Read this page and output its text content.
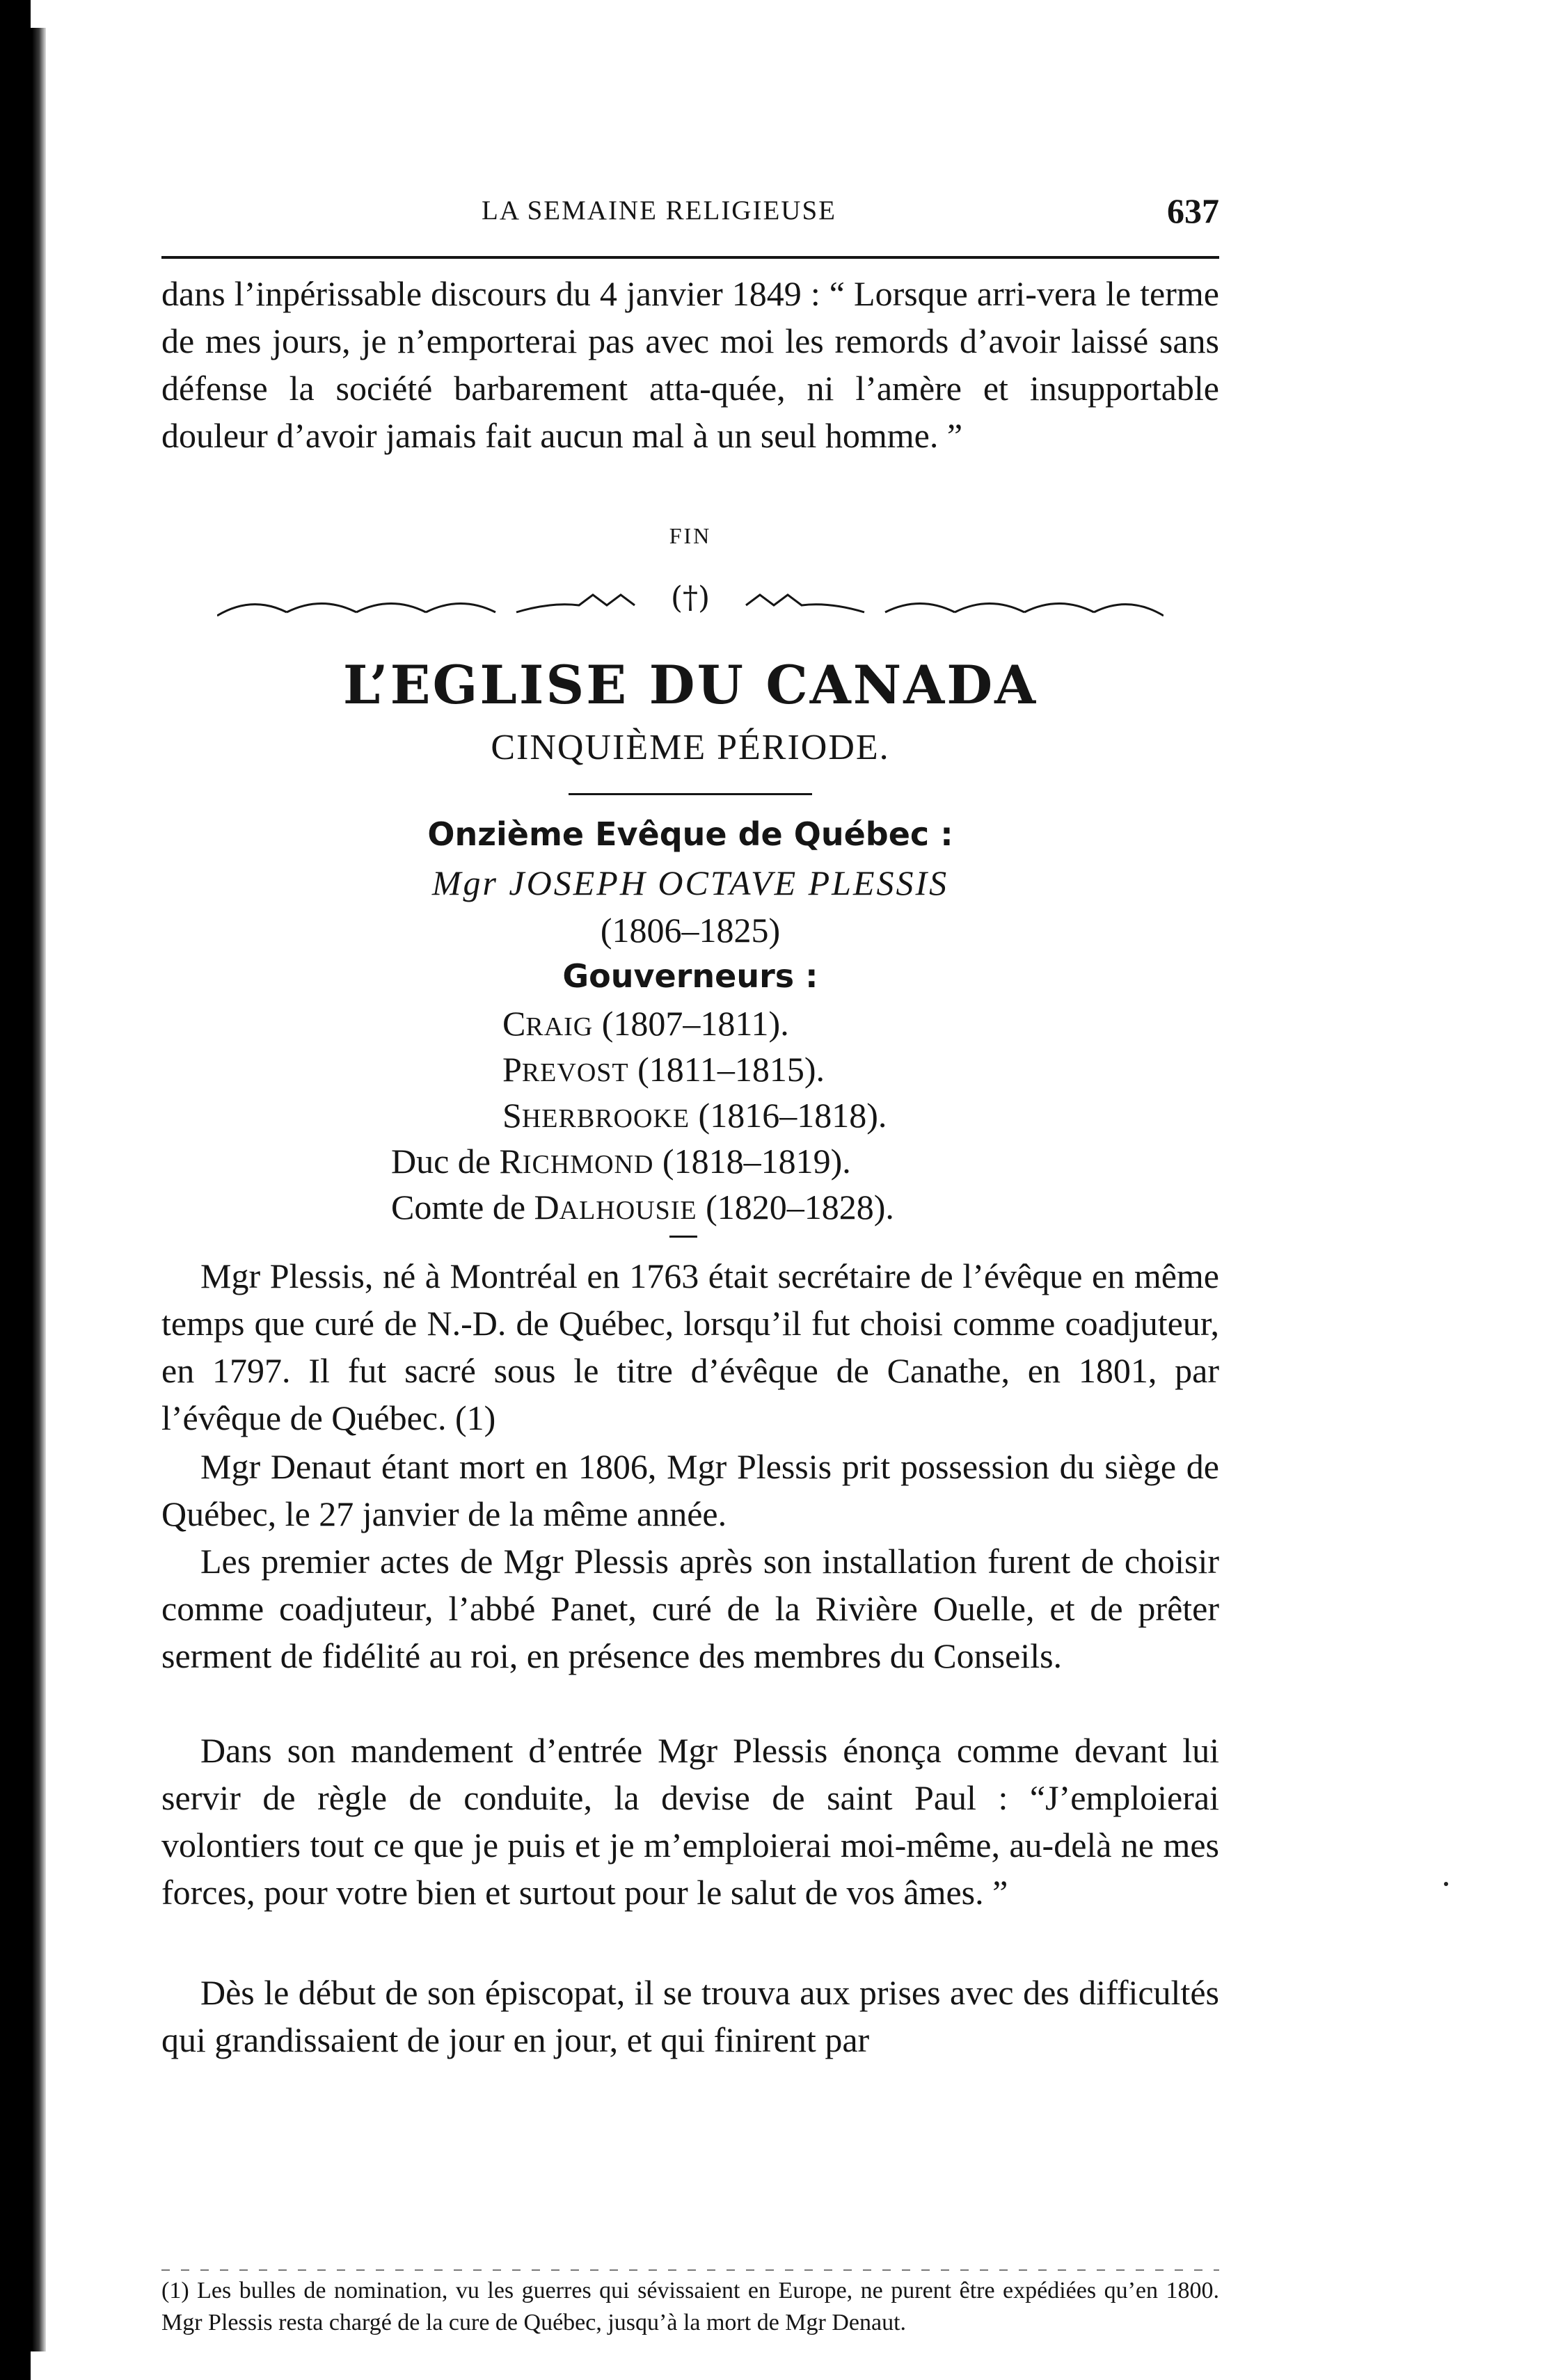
LA SEMAINE RELIGIEUSE	637
dans l’inpérissable discours du 4 janvier 1849 : “ Lorsque arri-vera le terme de mes jours, je n’emporterai pas avec moi les remords d’avoir laissé sans défense la société barbarement atta-quée, ni l’amère et insupportable douleur d’avoir jamais fait aucun mal à un seul homme. ”
FIN
(†)
L’EGLISE DU CANADA
CINQUIÈME PÉRIODE.
Onzième Evêque de Québec :
Mgr JOSEPH OCTAVE PLESSIS
(1806–1825)
Gouverneurs :
CRAIG (1807–1811).
PREVOST (1811–1815).
SHERBROOKE (1816–1818).
Duc de RICHMOND (1818–1819).
Comte de DALHOUSIE (1820–1828).
Mgr Plessis, né à Montréal en 1763 était secrétaire de l’évêque en même temps que curé de N.-D. de Québec, lorsqu’il fut choisi comme coadjuteur, en 1797. Il fut sacré sous le titre d’évêque de Canathe, en 1801, par l’évêque de Québec. (1)
Mgr Denaut étant mort en 1806, Mgr Plessis prit possession du siège de Québec, le 27 janvier de la même année.
Les premier actes de Mgr Plessis après son installation furent de choisir comme coadjuteur, l’abbé Panet, curé de la Rivière Ouelle, et de prêter serment de fidélité au roi, en présence des membres du Conseils.
Dans son mandement d’entrée Mgr Plessis énonça comme devant lui servir de règle de conduite, la devise de saint Paul : “J’emploierai volontiers tout ce que je puis et je m’emploierai moi-même, au-delà ne mes forces, pour votre bien et surtout pour le salut de vos âmes. ”
Dès le début de son épiscopat, il se trouva aux prises avec des difficultés qui grandissaient de jour en jour, et qui finirent par
(1) Les bulles de nomination, vu les guerres qui sévissaient en Europe, ne purent être expédiées qu’en 1800. Mgr Plessis resta chargé de la cure de Québec, jusqu’à la mort de Mgr Denaut.
